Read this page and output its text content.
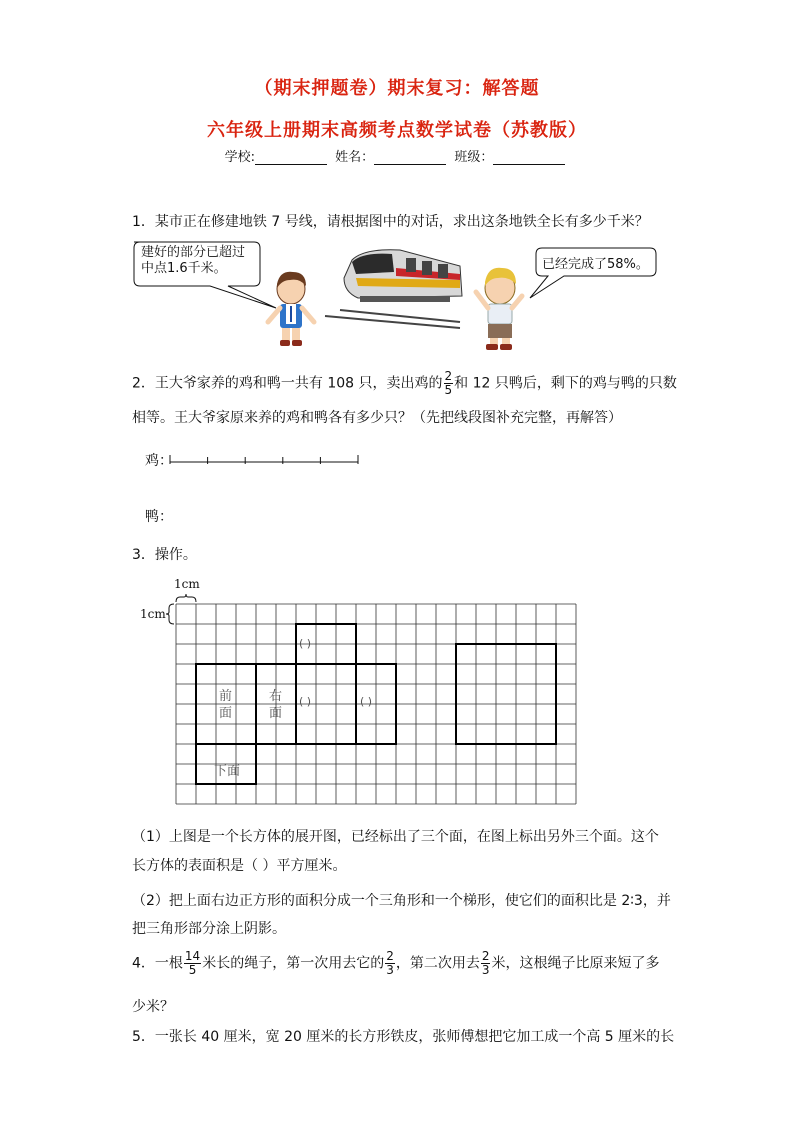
（期末押题卷）期末复习：解答题
六年级上册期末高频考点数学试卷（苏教版）
学校:	姓名：	班级：
1．某市正在修建地铁 7 号线，请根据图中的对话，求出这条地铁全长有多少千米？
建好的部分已超过
中点1.6千米。	已经完成了58%。
2．王大爷家养的鸡和鸭一共有 108 只，卖出鸡的 $\frac{2}{5}$ 和 12 只鸭后，剩下的鸡与鸭的只数
相等。王大爷家原来养的鸡和鸭各有多少只？（先把线段图补充完整，再解答）
鸡：
鸭：
3．操作。
1cm
1cm
前面
右面
下面
( )
( )	( )
（1）上图是一个长方体的展开图，已经标出了三个面，在图上标出另外三个面。这个
长方体的表面积是（ ）平方厘米。
（2）把上面右边正方形的面积分成一个三角形和一个梯形，使它们的面积比是 2∶3，并
把三角形部分涂上阴影。
4．一根 $\frac{14}{5}$ 米长的绳子，第一次用去它的 $\frac{2}{3}$ ，第二次用去 $\frac{2}{3}$ 米，这根绳子比原来短了多
少米？
5．一张长 40 厘米，宽 20 厘米的长方形铁皮，张师傅想把它加工成一个高 5 厘米的长
